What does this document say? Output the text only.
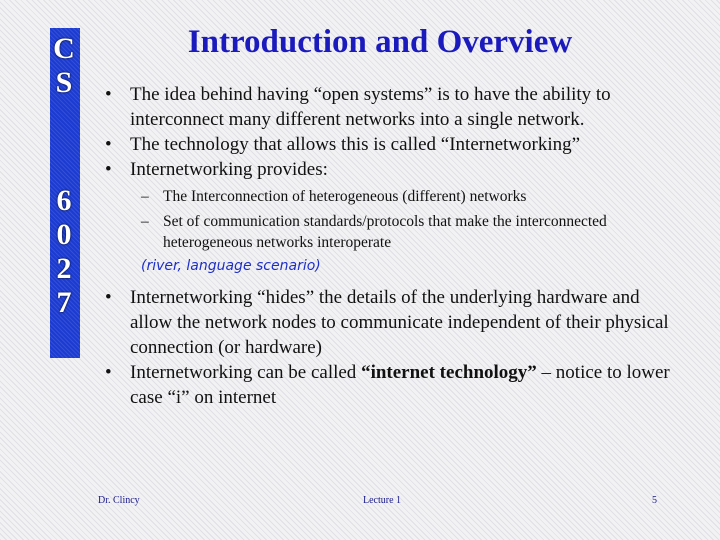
C
S
6
0
2
7
Introduction and Overview
• The idea behind having “open systems” is to have the ability to interconnect many different networks into a single network.
• The technology that allows this is called “Internetworking”
• Internetworking provides:
– The Interconnection of heterogeneous (different) networks
– Set of communication standards/protocols that make the interconnected heterogeneous networks interoperate
(river, language scenario)
• Internetworking “hides” the details of the underlying hardware and allow the network nodes to communicate independent of their physical connection (or hardware)
• Internetworking can be called “internet technology” – notice to lower case “i” on internet
Dr. Clincy	Lecture 1	5
